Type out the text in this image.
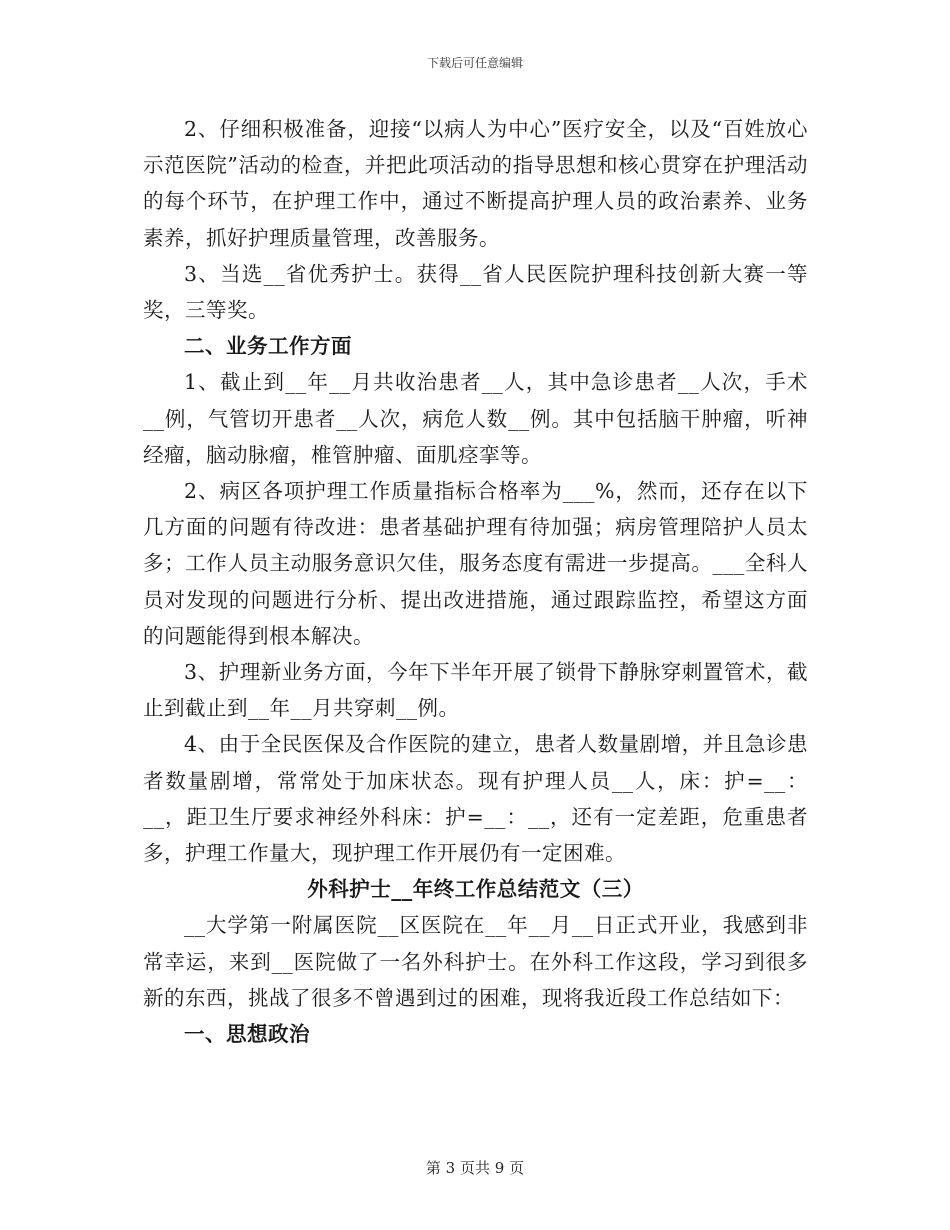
下载后可任意编辑

2、仔细积极准备，迎接“以病人为中心”医疗安全，以及“百姓放心示范医院”活动的检查，并把此项活动的指导思想和核心贯穿在护理活动的每个环节，在护理工作中，通过不断提高护理人员的政治素养、业务素养，抓好护理质量管理，改善服务。

3、当选__省优秀护士。获得__省人民医院护理科技创新大赛一等奖，三等奖。

二、业务工作方面

1、截止到__年__月共收治患者__人，其中急诊患者__人次，手术__例，气管切开患者__人次，病危人数__例。其中包括脑干肿瘤，听神经瘤，脑动脉瘤，椎管肿瘤、面肌痉挛等。

2、病区各项护理工作质量指标合格率为___%，然而，还存在以下几方面的问题有待改进：患者基础护理有待加强；病房管理陪护人员太多；工作人员主动服务意识欠佳，服务态度有需进一步提高。___全科人员对发现的问题进行分析、提出改进措施，通过跟踪监控，希望这方面的问题能得到根本解决。

3、护理新业务方面，今年下半年开展了锁骨下静脉穿刺置管术，截止到截止到__年__月共穿刺__例。

4、由于全民医保及合作医院的建立，患者人数量剧增，并且急诊患者数量剧增，常常处于加床状态。现有护理人员__人，床：护=__：__，距卫生厅要求神经外科床：护=__：__，还有一定差距，危重患者多，护理工作量大，现护理工作开展仍有一定困难。

外科护士__年终工作总结范文（三）

__大学第一附属医院__区医院在__年__月__日正式开业，我感到非常幸运，来到__医院做了一名外科护士。在外科工作这段，学习到很多新的东西，挑战了很多不曾遇到过的困难，现将我近段工作总结如下：

一、思想政治

第 3 页共 9 页
